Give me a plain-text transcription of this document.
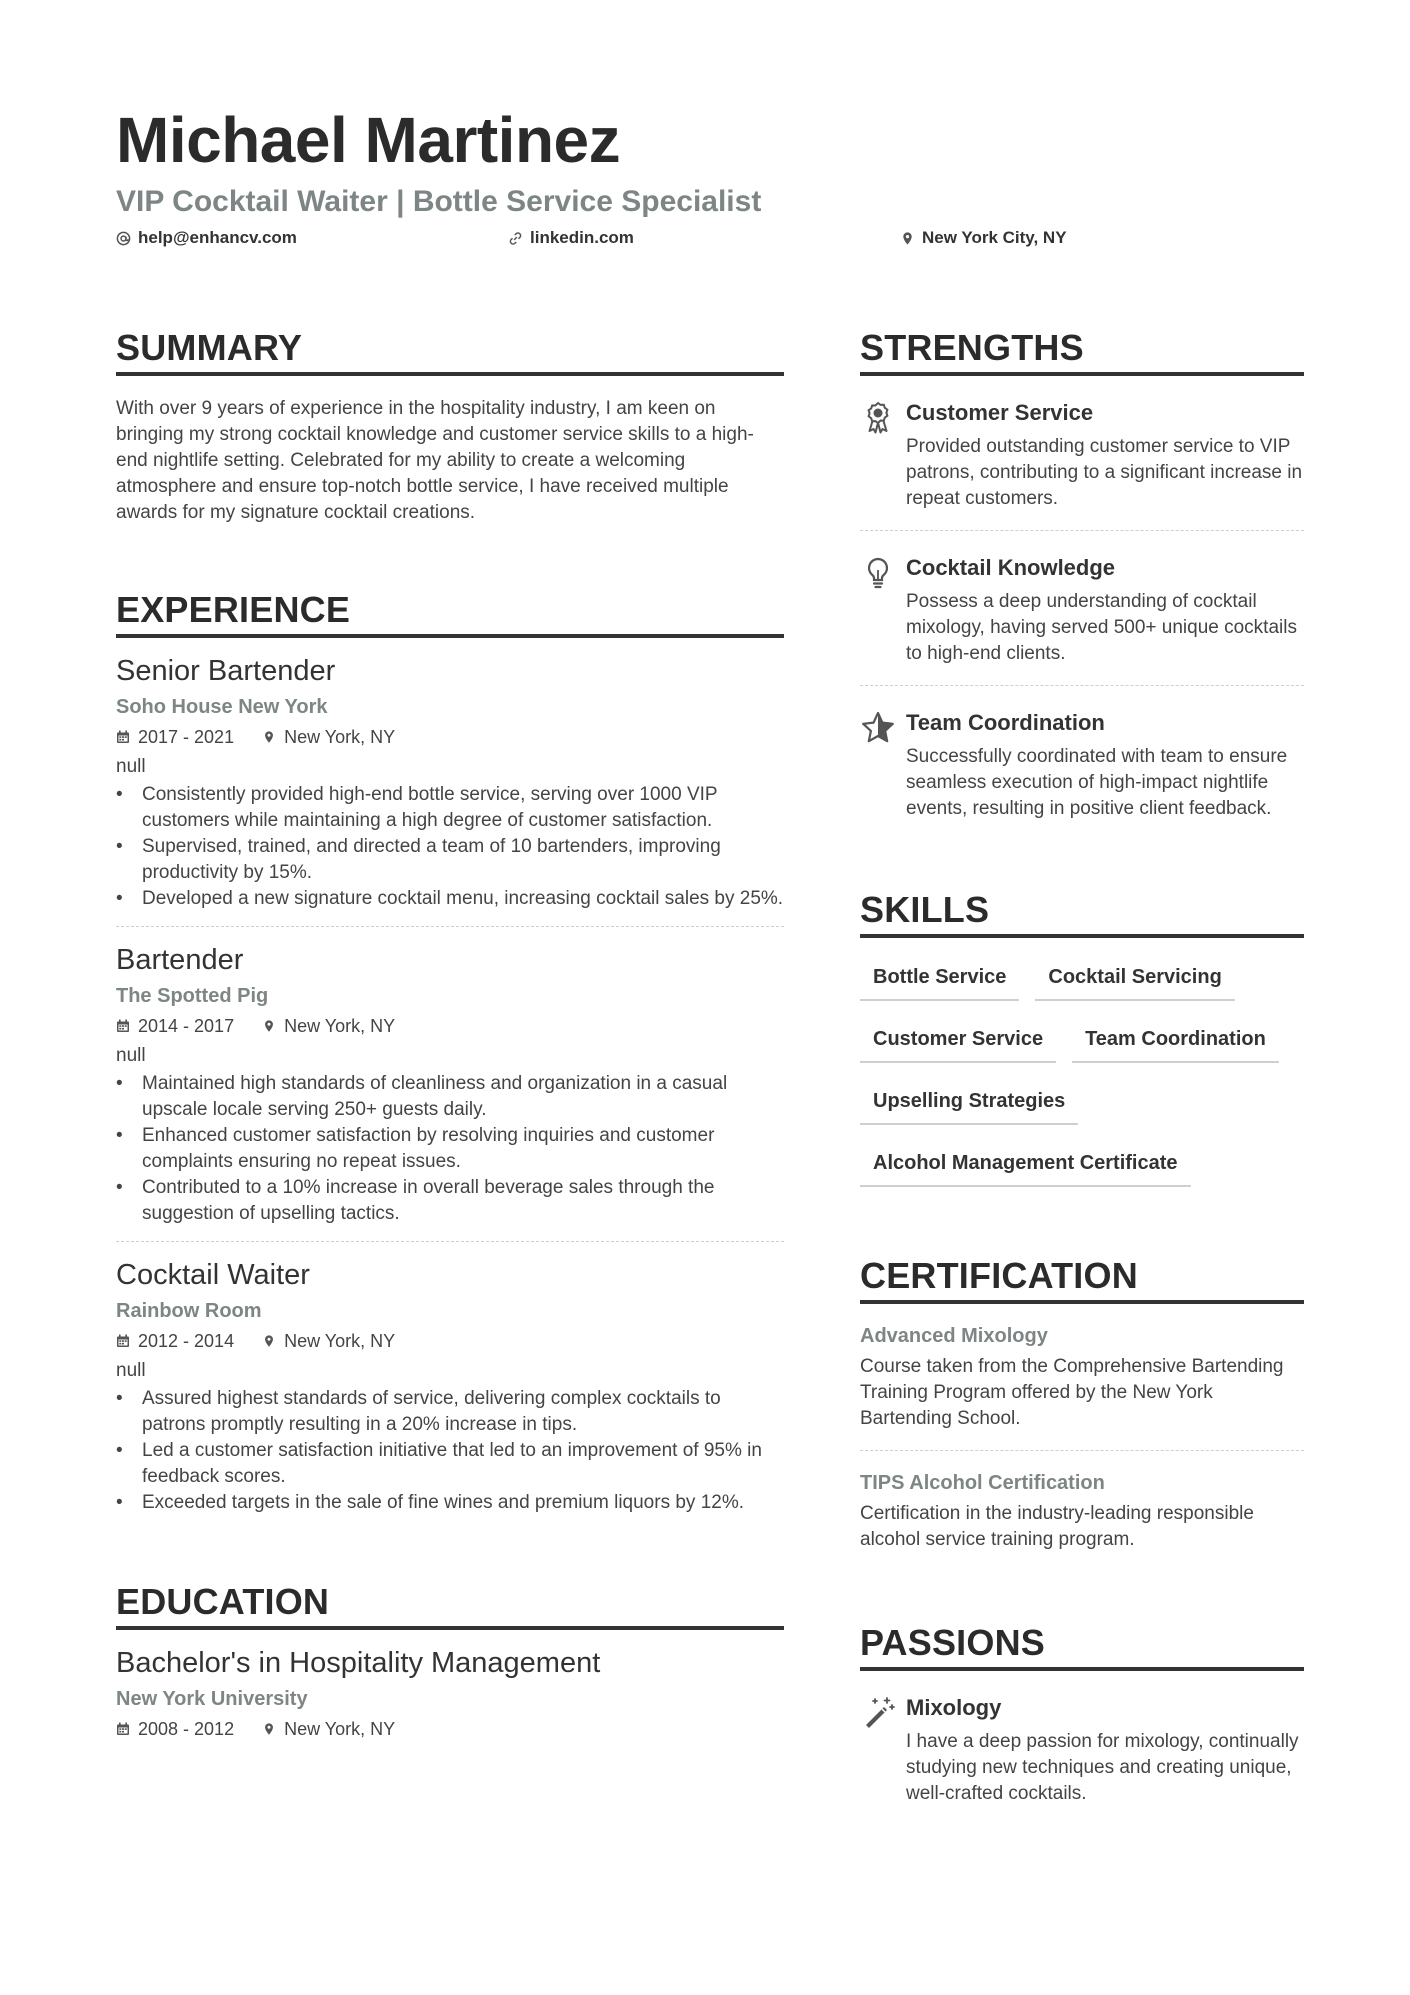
Michael Martinez
VIP Cocktail Waiter | Bottle Service Specialist
help@enhancv.com	linkedin.com	New York City, NY
SUMMARY

With over 9 years of experience in the hospitality industry, I am keen on bringing my strong cocktail knowledge and customer service skills to a high-end nightlife setting. Celebrated for my ability to create a welcoming atmosphere and ensure top-notch bottle service, I have received multiple awards for my signature cocktail creations.

EXPERIENCE
Senior Bartender
Soho House New York
2017 - 2021	New York, NY
null
• Consistently provided high-end bottle service, serving over 1000 VIP customers while maintaining a high degree of customer satisfaction.
• Supervised, trained, and directed a team of 10 bartenders, improving productivity by 15%.
• Developed a new signature cocktail menu, increasing cocktail sales by 25%.
Bartender
The Spotted Pig
2014 - 2017	New York, NY
null
• Maintained high standards of cleanliness and organization in a casual upscale locale serving 250+ guests daily.
• Enhanced customer satisfaction by resolving inquiries and customer complaints ensuring no repeat issues.
• Contributed to a 10% increase in overall beverage sales through the suggestion of upselling tactics.
Cocktail Waiter
Rainbow Room
2012 - 2014	New York, NY
null
• Assured highest standards of service, delivering complex cocktails to patrons promptly resulting in a 20% increase in tips.
• Led a customer satisfaction initiative that led to an improvement of 95% in feedback scores.
• Exceeded targets in the sale of fine wines and premium liquors by 12%.
EDUCATION
Bachelor's in Hospitality Management
New York University
2008 - 2012	New York, NY
STRENGTHS
Customer Service
Provided outstanding customer service to VIP patrons, contributing to a significant increase in repeat customers.
Cocktail Knowledge
Possess a deep understanding of cocktail mixology, having served 500+ unique cocktails to high-end clients.
Team Coordination
Successfully coordinated with team to ensure seamless execution of high-impact nightlife events, resulting in positive client feedback.
SKILLS
Bottle Service	Cocktail Servicing
Customer Service	Team Coordination
Upselling Strategies
Alcohol Management Certificate
CERTIFICATION
Advanced Mixology
Course taken from the Comprehensive Bartending Training Program offered by the New York Bartending School.
TIPS Alcohol Certification
Certification in the industry-leading responsible alcohol service training program.
PASSIONS
Mixology
I have a deep passion for mixology, continually studying new techniques and creating unique, well-crafted cocktails.
